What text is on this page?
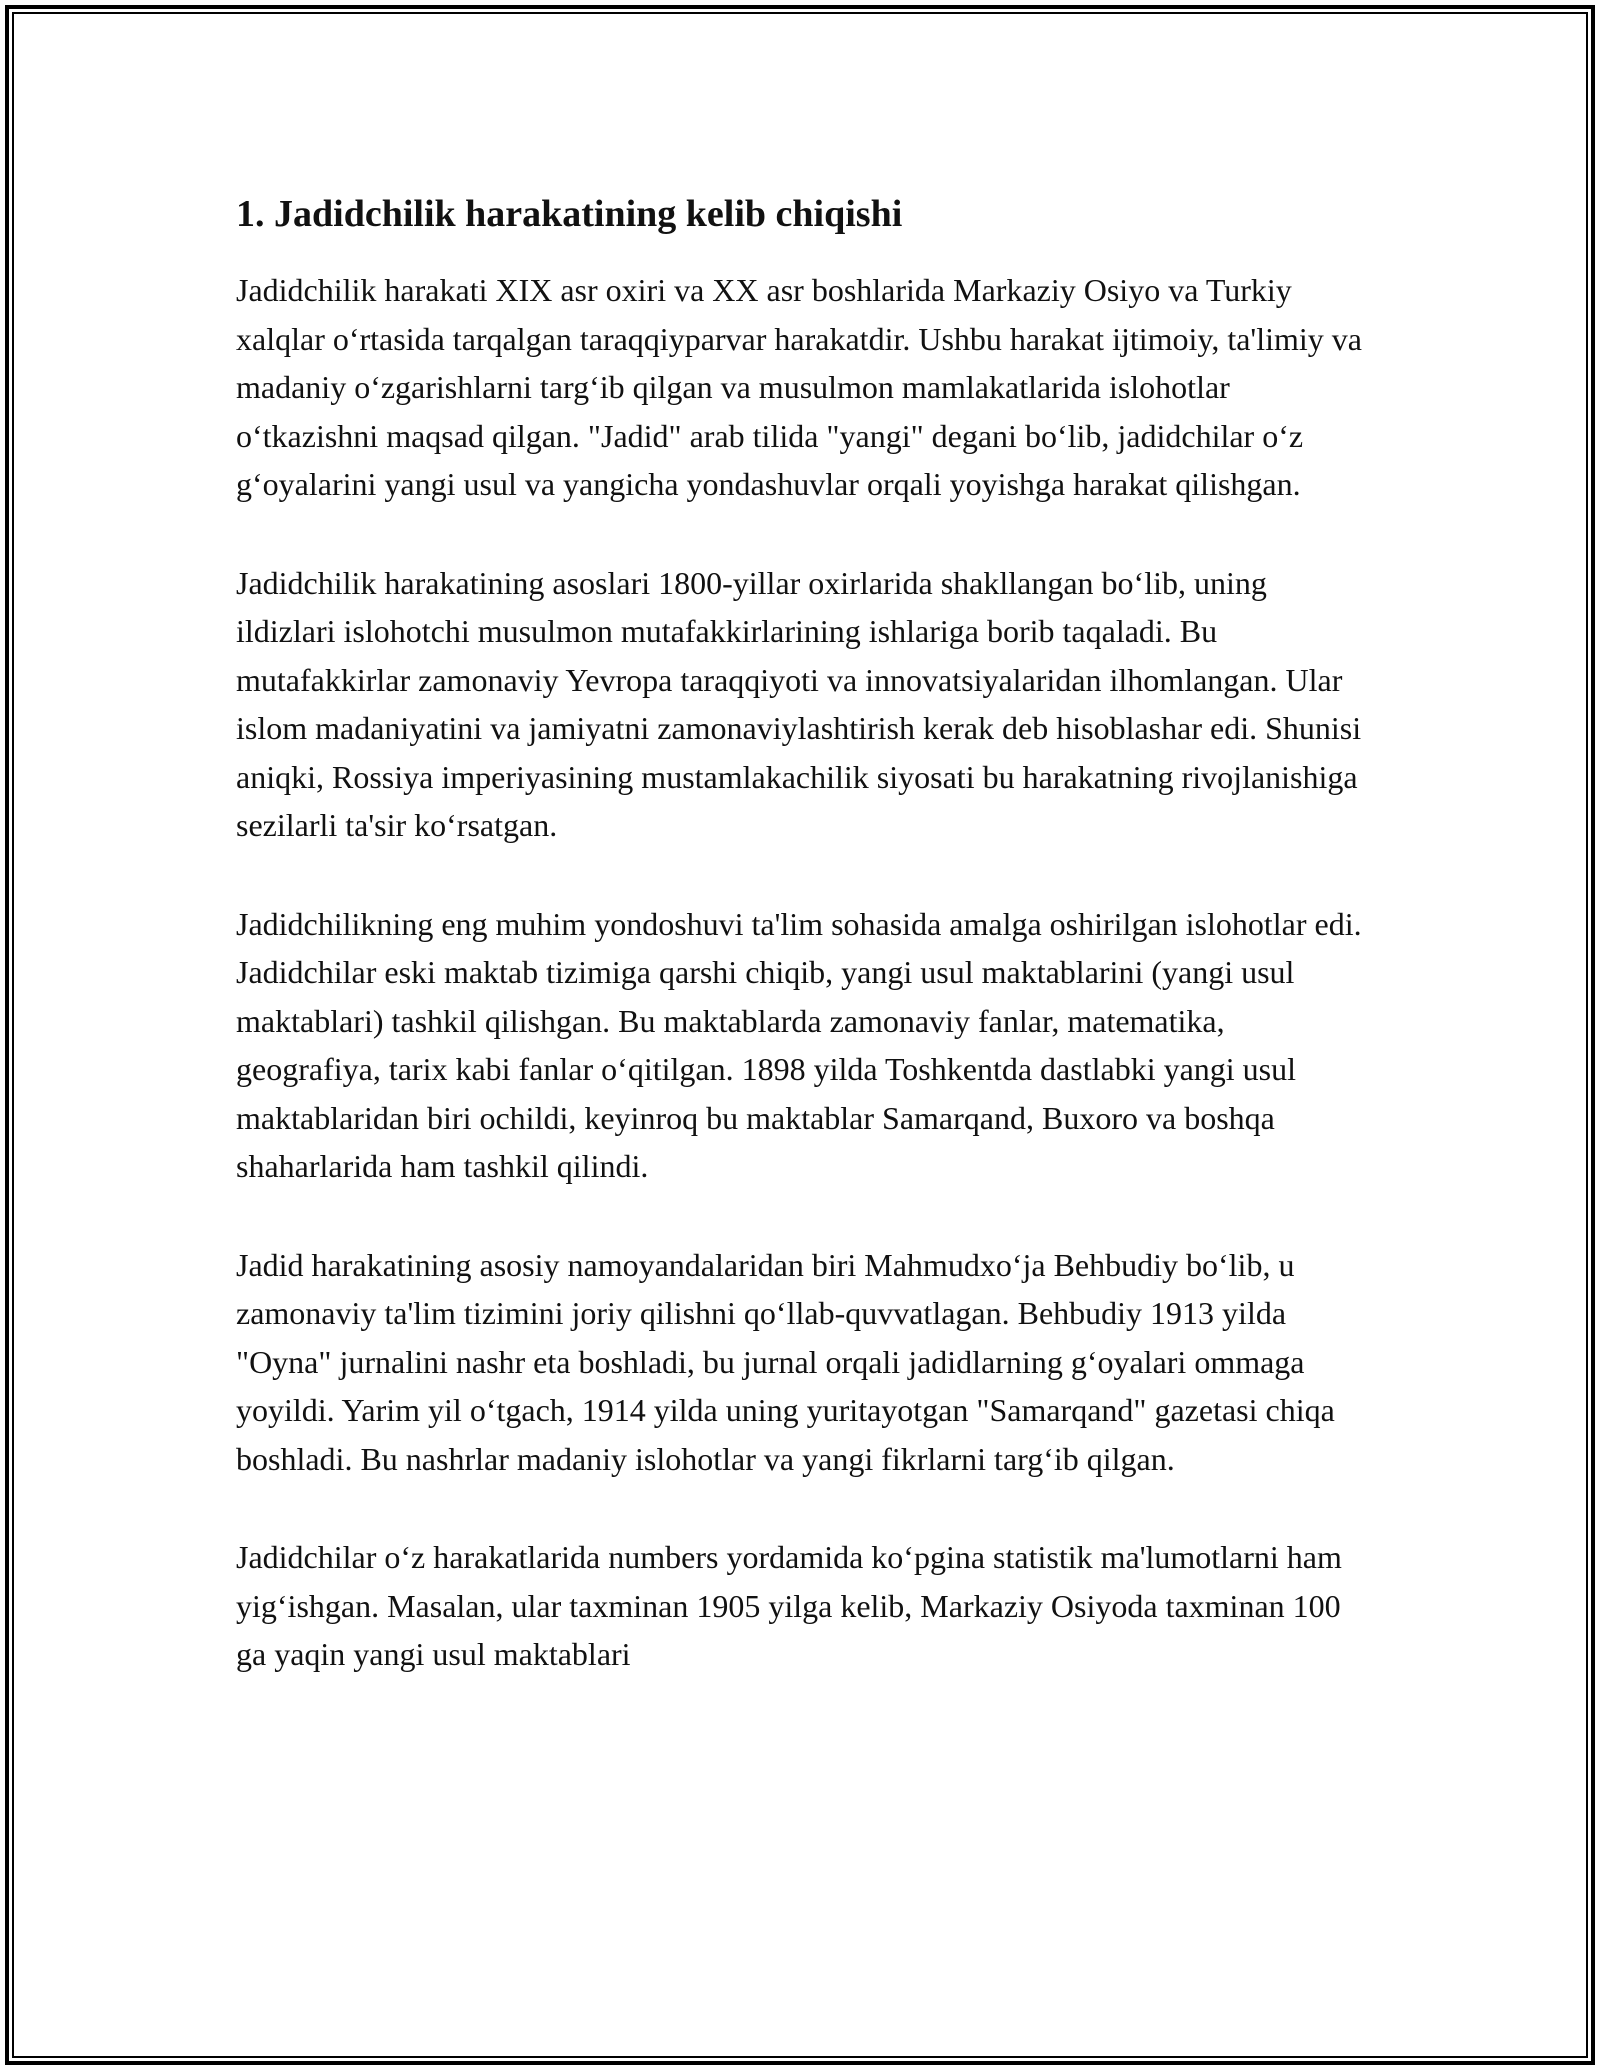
1. Jadidchilik harakatining kelib chiqishi

Jadidchilik harakati XIX asr oxiri va XX asr boshlarida Markaziy Osiyo va Turkiy xalqlar o‘rtasida tarqalgan taraqqiyparvar harakatdir. Ushbu harakat ijtimoiy, ta'limiy va madaniy o‘zgarishlarni targ‘ib qilgan va musulmon mamlakatlarida islohotlar o‘tkazishni maqsad qilgan. "Jadid" arab tilida "yangi" degani bo‘lib, jadidchilar o‘z g‘oyalarini yangi usul va yangicha yondashuvlar orqali yoyishga harakat qilishgan.

Jadidchilik harakatining asoslari 1800-yillar oxirlarida shakllangan bo‘lib, uning ildizlari islohotchi musulmon mutafakkirlarining ishlariga borib taqaladi. Bu mutafakkirlar zamonaviy Yevropa taraqqiyoti va innovatsiyalaridan ilhomlangan. Ular islom madaniyatini va jamiyatni zamonaviylashtirish kerak deb hisoblashar edi. Shunisi aniqki, Rossiya imperiyasining mustamlakachilik siyosati bu harakatning rivojlanishiga sezilarli ta'sir ko‘rsatgan.

Jadidchilikning eng muhim yondoshuvi ta'lim sohasida amalga oshirilgan islohotlar edi. Jadidchilar eski maktab tizimiga qarshi chiqib, yangi usul maktablarini (yangi usul maktablari) tashkil qilishgan. Bu maktablarda zamonaviy fanlar, matematika, geografiya, tarix kabi fanlar o‘qitilgan. 1898 yilda Toshkentda dastlabki yangi usul maktablaridan biri ochildi, keyinroq bu maktablar Samarqand, Buxoro va boshqa shaharlarida ham tashkil qilindi.

Jadid harakatining asosiy namoyandalaridan biri Mahmudxo‘ja Behbudiy bo‘lib, u zamonaviy ta'lim tizimini joriy qilishni qo‘llab-quvvatlagan. Behbudiy 1913 yilda "Oyna" jurnalini nashr eta boshladi, bu jurnal orqali jadidlarning g‘oyalari ommaga yoyildi. Yarim yil o‘tgach, 1914 yilda uning yuritayotgan "Samarqand" gazetasi chiqa boshladi. Bu nashrlar madaniy islohotlar va yangi fikrlarni targ‘ib qilgan.

Jadidchilar o‘z harakatlarida numbers yordamida ko‘pgina statistik ma'lumotlarni ham yig‘ishgan. Masalan, ular taxminan 1905 yilga kelib, Markaziy Osiyoda taxminan 100 ga yaqin yangi usul maktablari
